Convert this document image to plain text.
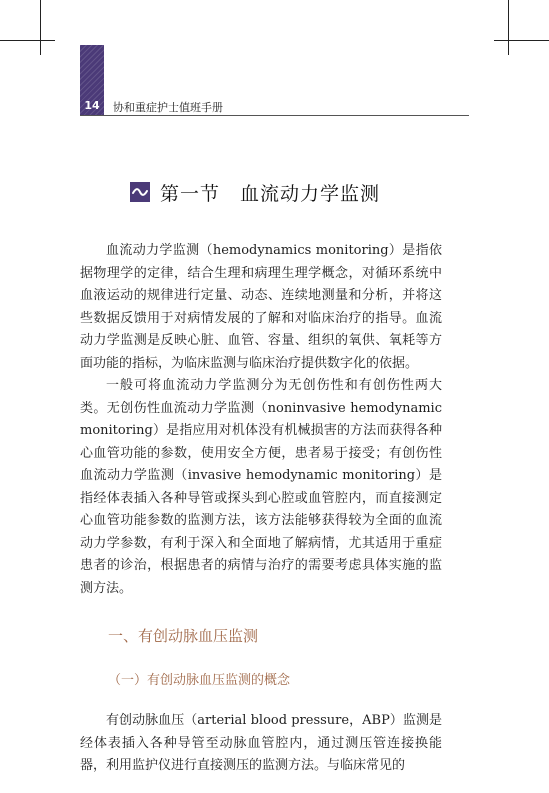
14	协和重症护士值班手册
第一节　血流动力学监测

血流动力学监测（hemodynamics monitoring）是指依据物理学的定律，结合生理和病理生理学概念，对循环系统中血液运动的规律进行定量、动态、连续地测量和分析，并将这些数据反馈用于对病情发展的了解和对临床治疗的指导。血流动力学监测是反映心脏、血管、容量、组织的氧供、氧耗等方面功能的指标，为临床监测与临床治疗提供数字化的依据。

一般可将血流动力学监测分为无创伤性和有创伤性两大类。无创伤性血流动力学监测（noninvasive hemodynamic monitoring）是指应用对机体没有机械损害的方法而获得各种心血管功能的参数，使用安全方便，患者易于接受；有创伤性血流动力学监测（invasive hemodynamic monitoring）是指经体表插入各种导管或探头到心腔或血管腔内，而直接测定心血管功能参数的监测方法，该方法能够获得较为全面的血流动力学参数，有利于深入和全面地了解病情，尤其适用于重症患者的诊治，根据患者的病情与治疗的需要考虑具体实施的监测方法。

一、有创动脉血压监测
（一）有创动脉血压监测的概念

有创动脉血压（arterial blood pressure，ABP）监测是经体表插入各种导管至动脉血管腔内，通过测压管连接换能器，利用监护仪进行直接测压的监测方法。与临床常见的
